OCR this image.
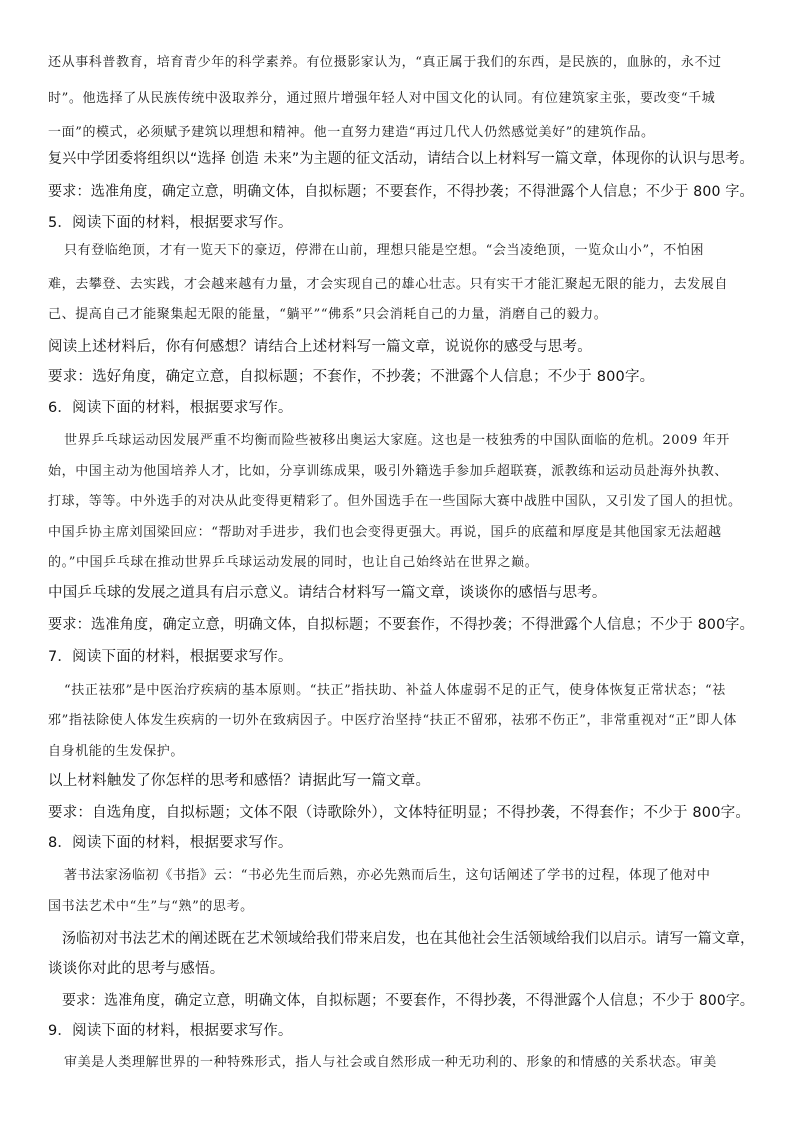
还从事科普教育，培育青少年的科学素养。有位摄影家认为，“真正属于我们的东西，是民族的，血脉的，永不过
时”。他选择了从民族传统中汲取养分，通过照片增强年轻人对中国文化的认同。有位建筑家主张，要改变“千城
一面”的模式，必须赋予建筑以理想和精神。他一直努力建造“再过几代人仍然感觉美好”的建筑作品。
复兴中学团委将组织以“选择 创造 未来”为主题的征文活动，请结合以上材料写一篇文章，体现你的认识与思考。
要求：选准角度，确定立意，明确文体，自拟标题；不要套作，不得抄袭；不得泄露个人信息；不少于 800 字。
5．阅读下面的材料，根据要求写作。
只有登临绝顶，才有一览天下的豪迈，停滞在山前，理想只能是空想。“会当凌绝顶，一览众山小”，不怕困
难，去攀登、去实践，才会越来越有力量，才会实现自己的雄心壮志。只有实干才能汇聚起无限的能力，去发展自
己、提高自己才能聚集起无限的能量，“躺平”“佛系”只会消耗自己的力量，消磨自己的毅力。
阅读上述材料后，你有何感想？请结合上述材料写一篇文章，说说你的感受与思考。
要求：选好角度，确定立意，自拟标题；不套作，不抄袭；不泄露个人信息；不少于 800字。
6．阅读下面的材料，根据要求写作。
世界乒乓球运动因发展严重不均衡而险些被移出奥运大家庭。这也是一枝独秀的中国队面临的危机。2009 年开
始，中国主动为他国培养人才，比如，分享训练成果，吸引外籍选手参加乒超联赛，派教练和运动员赴海外执教、
打球，等等。中外选手的对决从此变得更精彩了。但外国选手在一些国际大赛中战胜中国队，又引发了国人的担忧。
中国乒协主席刘国梁回应：“帮助对手进步，我们也会变得更强大。再说，国乒的底蕴和厚度是其他国家无法超越
的。”中国乒乓球在推动世界乒乓球运动发展的同时，也让自己始终站在世界之巅。
中国乒乓球的发展之道具有启示意义。请结合材料写一篇文章，谈谈你的感悟与思考。
要求：选准角度，确定立意，明确文体，自拟标题；不要套作，不得抄袭；不得泄露个人信息；不少于 800字。
7．阅读下面的材料，根据要求写作。
“扶正祛邪”是中医治疗疾病的基本原则。“扶正”指扶助、补益人体虚弱不足的正气，使身体恢复正常状态；“祛
邪”指祛除使人体发生疾病的一切外在致病因子。中医疗治坚持“扶正不留邪，祛邪不伤正”，非常重视对“正”即人体
自身机能的生发保护。
以上材料触发了你怎样的思考和感悟？请据此写一篇文章。
要求：自选角度，自拟标题；文体不限（诗歌除外），文体特征明显；不得抄袭，不得套作；不少于 800字。
8．阅读下面的材料，根据要求写作。
著书法家汤临初《书指》云：“书必先生而后熟，亦必先熟而后生，这句话阐述了学书的过程，体现了他对中
国书法艺术中“生”与“熟”的思考。
汤临初对书法艺术的阐述既在艺术领域给我们带来启发，也在其他社会生活领域给我们以启示。请写一篇文章，
谈谈你对此的思考与感悟。
要求：选准角度，确定立意，明确文体，自拟标题；不要套作，不得抄袭，不得泄露个人信息；不少于 800字。
9．阅读下面的材料，根据要求写作。
审美是人类理解世界的一种特殊形式，指人与社会或自然形成一种无功利的、形象的和情感的关系状态。审美
